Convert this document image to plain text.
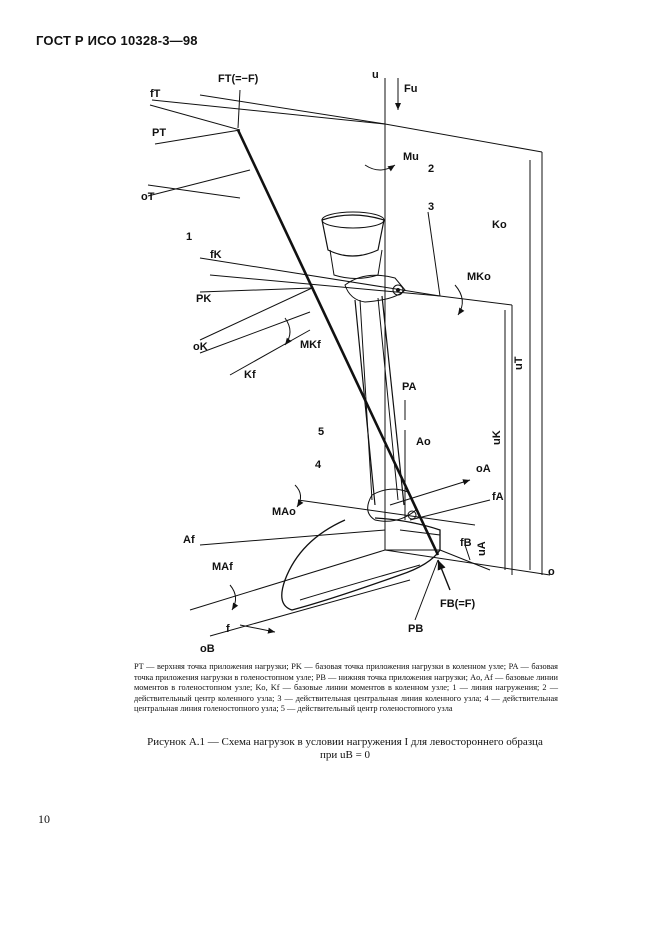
ГОСТ Р ИСО 10328-3—98
FT(=−F)	u
Fu
fT
PT
Mu
2
oT
3
Ko
1
fK
MKo
PK
oK	MKf
Kf
uT
uK
PA
5
Ao
4	oA
MAo
fA
Af	fB uA
o
MAf
FB(=F)
f
oB
PB
PT — верхняя точка приложения нагрузки; PK — базовая точка приложения нагрузки в коленном узле; PA — базовая точка приложения нагрузки в голеностопном узле; PB — нижняя точка приложения нагрузки; Ao, Af — базовые линии моментов в голеностопном узле; Ko, Kf — базовые линии моментов в коленном узле; 1 — линия нагружения; 2 — действительный центр коленного узла; 3 — действительная центральная линия коленного узла; 4 — действительная центральная линия голеностопного узла; 5 — действительный центр голеностопного узла
Рисунок А.1 — Схема нагрузок в условии нагружения I для левостороннего образца
при uB = 0
10
